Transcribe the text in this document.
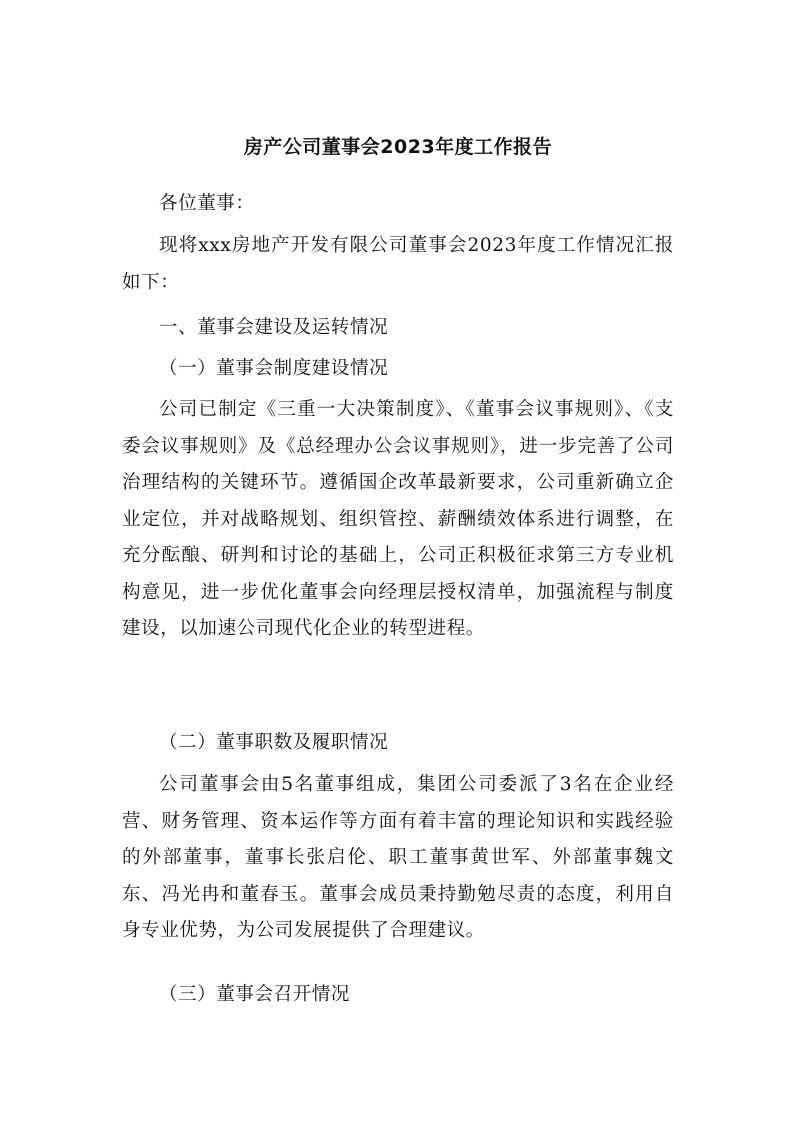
房产公司董事会2023年度工作报告

各位董事：

现将xxx房地产开发有限公司董事会2023年度工作情况汇报如下：

一、董事会建设及运转情况

（一）董事会制度建设情况

公司已制定《三重一大决策制度》、《董事会议事规则》、《支委会议事规则》及《总经理办公会议事规则》，进一步完善了公司治理结构的关键环节。遵循国企改革最新要求，公司重新确立企业定位，并对战略规划、组织管控、薪酬绩效体系进行调整，在充分酝酿、研判和讨论的基础上，公司正积极征求第三方专业机构意见，进一步优化董事会向经理层授权清单，加强流程与制度建设，以加速公司现代化企业的转型进程。

（二）董事职数及履职情况

公司董事会由5名董事组成，集团公司委派了3名在企业经营、财务管理、资本运作等方面有着丰富的理论知识和实践经验的外部董事，董事长张启伦、职工董事黄世军、外部董事魏文东、冯光冉和董春玉。董事会成员秉持勤勉尽责的态度，利用自身专业优势，为公司发展提供了合理建议。

（三）董事会召开情况
